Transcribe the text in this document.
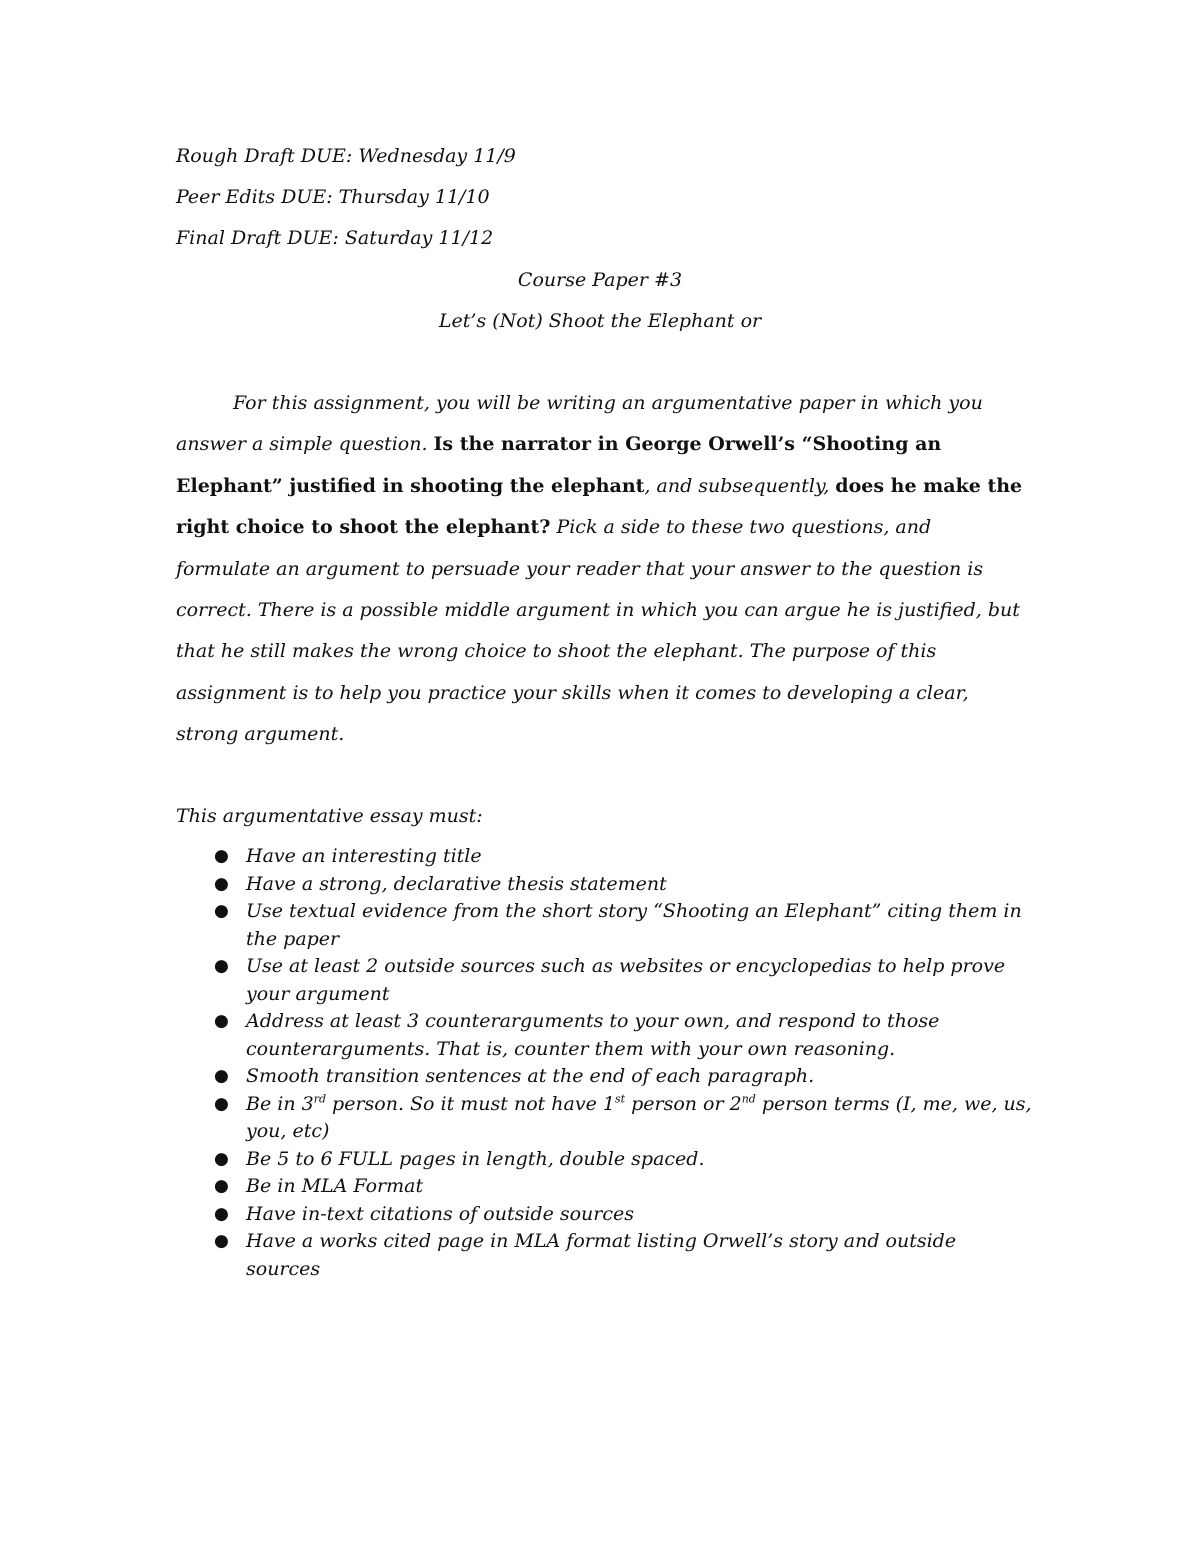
Rough Draft DUE: Wednesday 11/9
Peer Edits DUE: Thursday 11/10
Final Draft DUE: Saturday 11/12
Course Paper #3
Let’s (Not) Shoot the Elephant or

For this assignment, you will be writing an argumentative paper in which you answer a simple question. Is the narrator in George Orwell’s “Shooting an Elephant” justified in shooting the elephant, and subsequently, does he make the right choice to shoot the elephant? Pick a side to these two questions, and formulate an argument to persuade your reader that your answer to the question is correct. There is a possible middle argument in which you can argue he is justified, but that he still makes the wrong choice to shoot the elephant. The purpose of this assignment is to help you practice your skills when it comes to developing a clear, strong argument.

This argumentative essay must:
● Have an interesting title
● Have a strong, declarative thesis statement
● Use textual evidence from the short story “Shooting an Elephant” citing them in the paper
● Use at least 2 outside sources such as websites or encyclopedias to help prove your argument
● Address at least 3 counterarguments to your own, and respond to those counterarguments. That is, counter them with your own reasoning.
● Smooth transition sentences at the end of each paragraph.
● Be in 3rd person. So it must not have 1st person or 2nd person terms (I, me, we, us, you, etc)
● Be 5 to 6 FULL pages in length, double spaced.
● Be in MLA Format
● Have in-text citations of outside sources
● Have a works cited page in MLA format listing Orwell’s story and outside sources
